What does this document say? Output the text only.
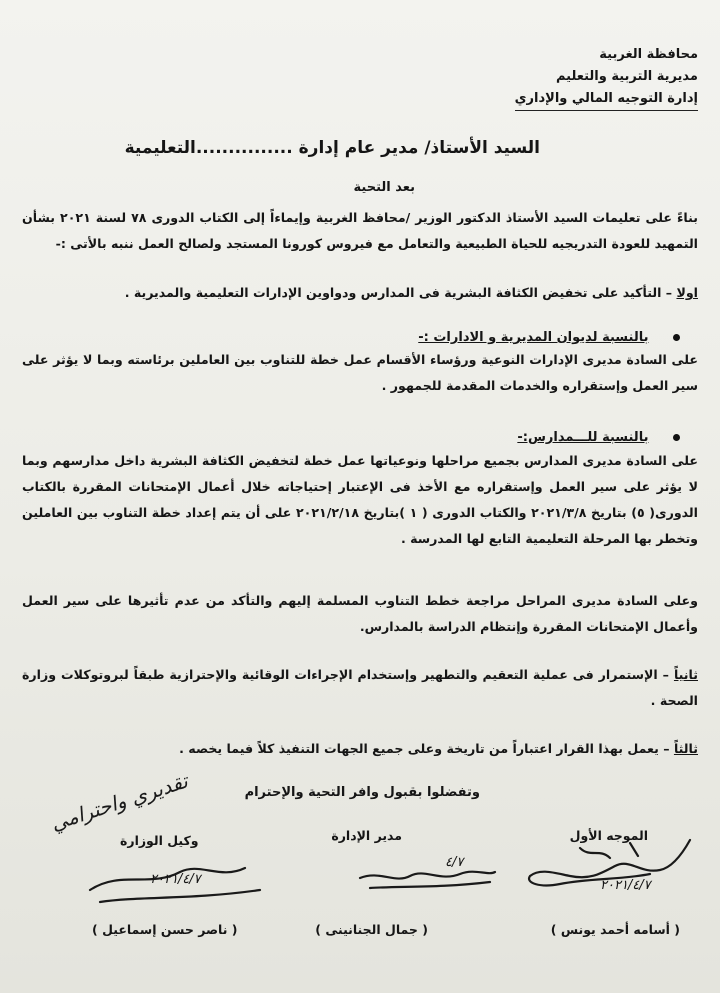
محافظة الغربية
مديرية التربية والتعليم
إدارة التوجيه المالي والإداري
السيد الأستاذ/ مدير عام إدارة ...............التعليمية
بعد التحية
بناءً على تعليمات السيد الأستاذ الدكتور الوزير /محافظ الغربية وإيماءاً إلى الكتاب الدورى ٧٨ لسنة ٢٠٢١ بشأن التمهيد للعودة التدريجيه للحياة الطبيعية والتعامل مع فيروس كورونا المستجد ولصالح العمل ننبه بالأتى :-
اولا – التأكيد على تخفيض الكثافة البشرية فى المدارس ودواوين الإدارات التعليمية والمديرية .
بالنسبة لديوان المديرية و الادارات :-
على السادة مديرى الإدارات النوعية ورؤساء الأقسام عمل خطة للتناوب بين العاملين برئاسته وبما لا يؤثر على سير العمل وإستقراره والخدمات المقدمة للجمهور .
بالنسبة للـــمدارس:-
على السادة مديرى المدارس بجميع مراحلها ونوعياتها عمل خطة لتخفيض الكثافة البشرية داخل مدارسهم وبما لا يؤثر على سير العمل وإستقراره مع الأخذ فى الإعتبار إحتياجاته خلال أعمال الإمتحانات المقررة بالكتاب الدورى( ٥) بتاريخ ٢٠٢١/٣/٨ والكتاب الدورى ( ١ )بتاريخ ٢٠٢١/٢/١٨ على أن يتم إعداد خطة التناوب بين العاملين وتخطر بها المرحلة التعليمية التابع لها المدرسة .
وعلى السادة مديرى المراحل مراجعة خطط التناوب المسلمة إليهم والتأكد من عدم تأثيرها على سير العمل وأعمال الإمتحانات المقررة وإنتظام الدراسة بالمدارس.
ثانياً – الإستمرار فى عملية التعقيم والتطهير وإستخدام الإجراءات الوقائية والإحترازية طبقاً لبروتوكلات وزارة الصحة .
ثالثاً – يعمل بهذا القرار اعتباراً من تاريخة وعلى جميع الجهات التنفيذ كلاً فيما يخصه .
وتفضلوا بقبول وافر التحية والإحترام
تقديري واحترامي
الموجه الأول
مدير الإدارة
وكيل الوزارة
٢٠٢١/٤/٧
٤/٧
٢٠٢١/٤/٧
( أسامه أحمد يونس )
( جمال الجنانينى )
( ناصر حسن إسماعيل )
